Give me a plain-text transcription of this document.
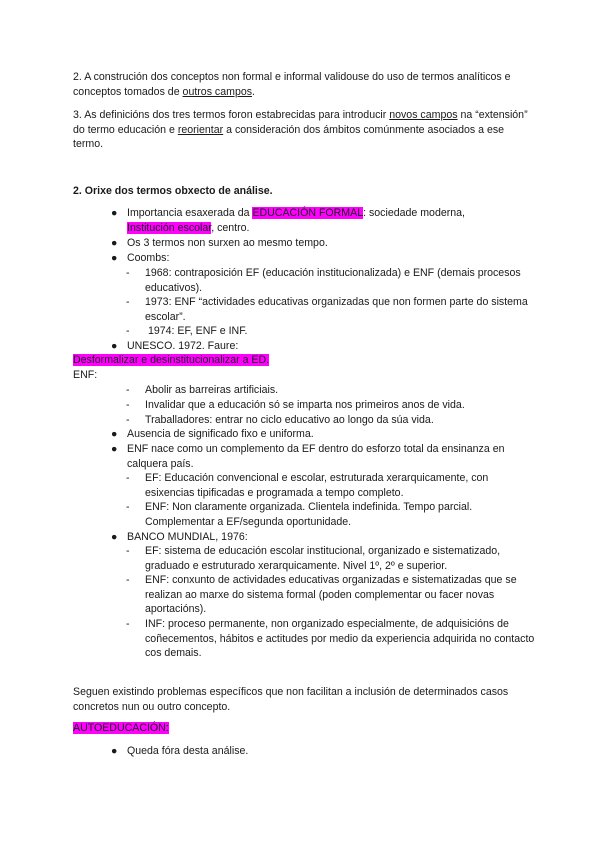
2. A construción dos conceptos non formal e informal validouse do uso de termos analíticos e conceptos tomados de outros campos.

3. As definicións dos tres termos foron estabrecidas para introducir novos campos na “extensión” do termo educación e reorientar a consideración dos ámbitos comúnmente asociados a ese termo.

2. Orixe dos termos obxecto de análise.

● Importancia esaxerada da EDUCACIÓN FORMAL: sociedade moderna,
Institución escolar, centro.
● Os 3 termos non surxen ao mesmo tempo.
● Coombs:
- 1968: contraposición EF (educación institucionalizada) e ENF (demais procesos educativos).
- 1973: ENF “actividades educativas organizadas que non formen parte do sistema escolar”.
- 1974: EF, ENF e INF.
● UNESCO. 1972. Faure:

Desformalizar e desinstitucionalizar a ED.

ENF:

- Abolir as barreiras artificiais.
- Invalidar que a educación só se imparta nos primeiros anos de vida.
- Traballadores: entrar no ciclo educativo ao longo da súa vida.
● Ausencia de significado fixo e uniforma.
● ENF nace como un complemento da EF dentro do esforzo total da ensinanza en calquera país.
- EF: Educación convencional e escolar, estruturada xerarquicamente, con esixencias tipificadas e programada a tempo completo.
- ENF: Non claramente organizada. Clientela indefinida. Tempo parcial. Complementar a EF/segunda oportunidade.
● BANCO MUNDIAL, 1976:
- EF: sistema de educación escolar institucional, organizado e sistematizado, graduado e estruturado xerarquicamente. Nivel 1º, 2º e superior.
- ENF: conxunto de actividades educativas organizadas e sistematizadas que se realizan ao marxe do sistema formal (poden complementar ou facer novas aportacións).
- INF: proceso permanente, non organizado especialmente, de adquisicións de coñecementos, hábitos e actitudes por medio da experiencia adquirida no contacto cos demais.

Seguen existindo problemas específicos que non facilitan a inclusión de determinados casos concretos nun ou outro concepto.

AUTOEDUCACIÓN:

● Queda fóra desta análise.
